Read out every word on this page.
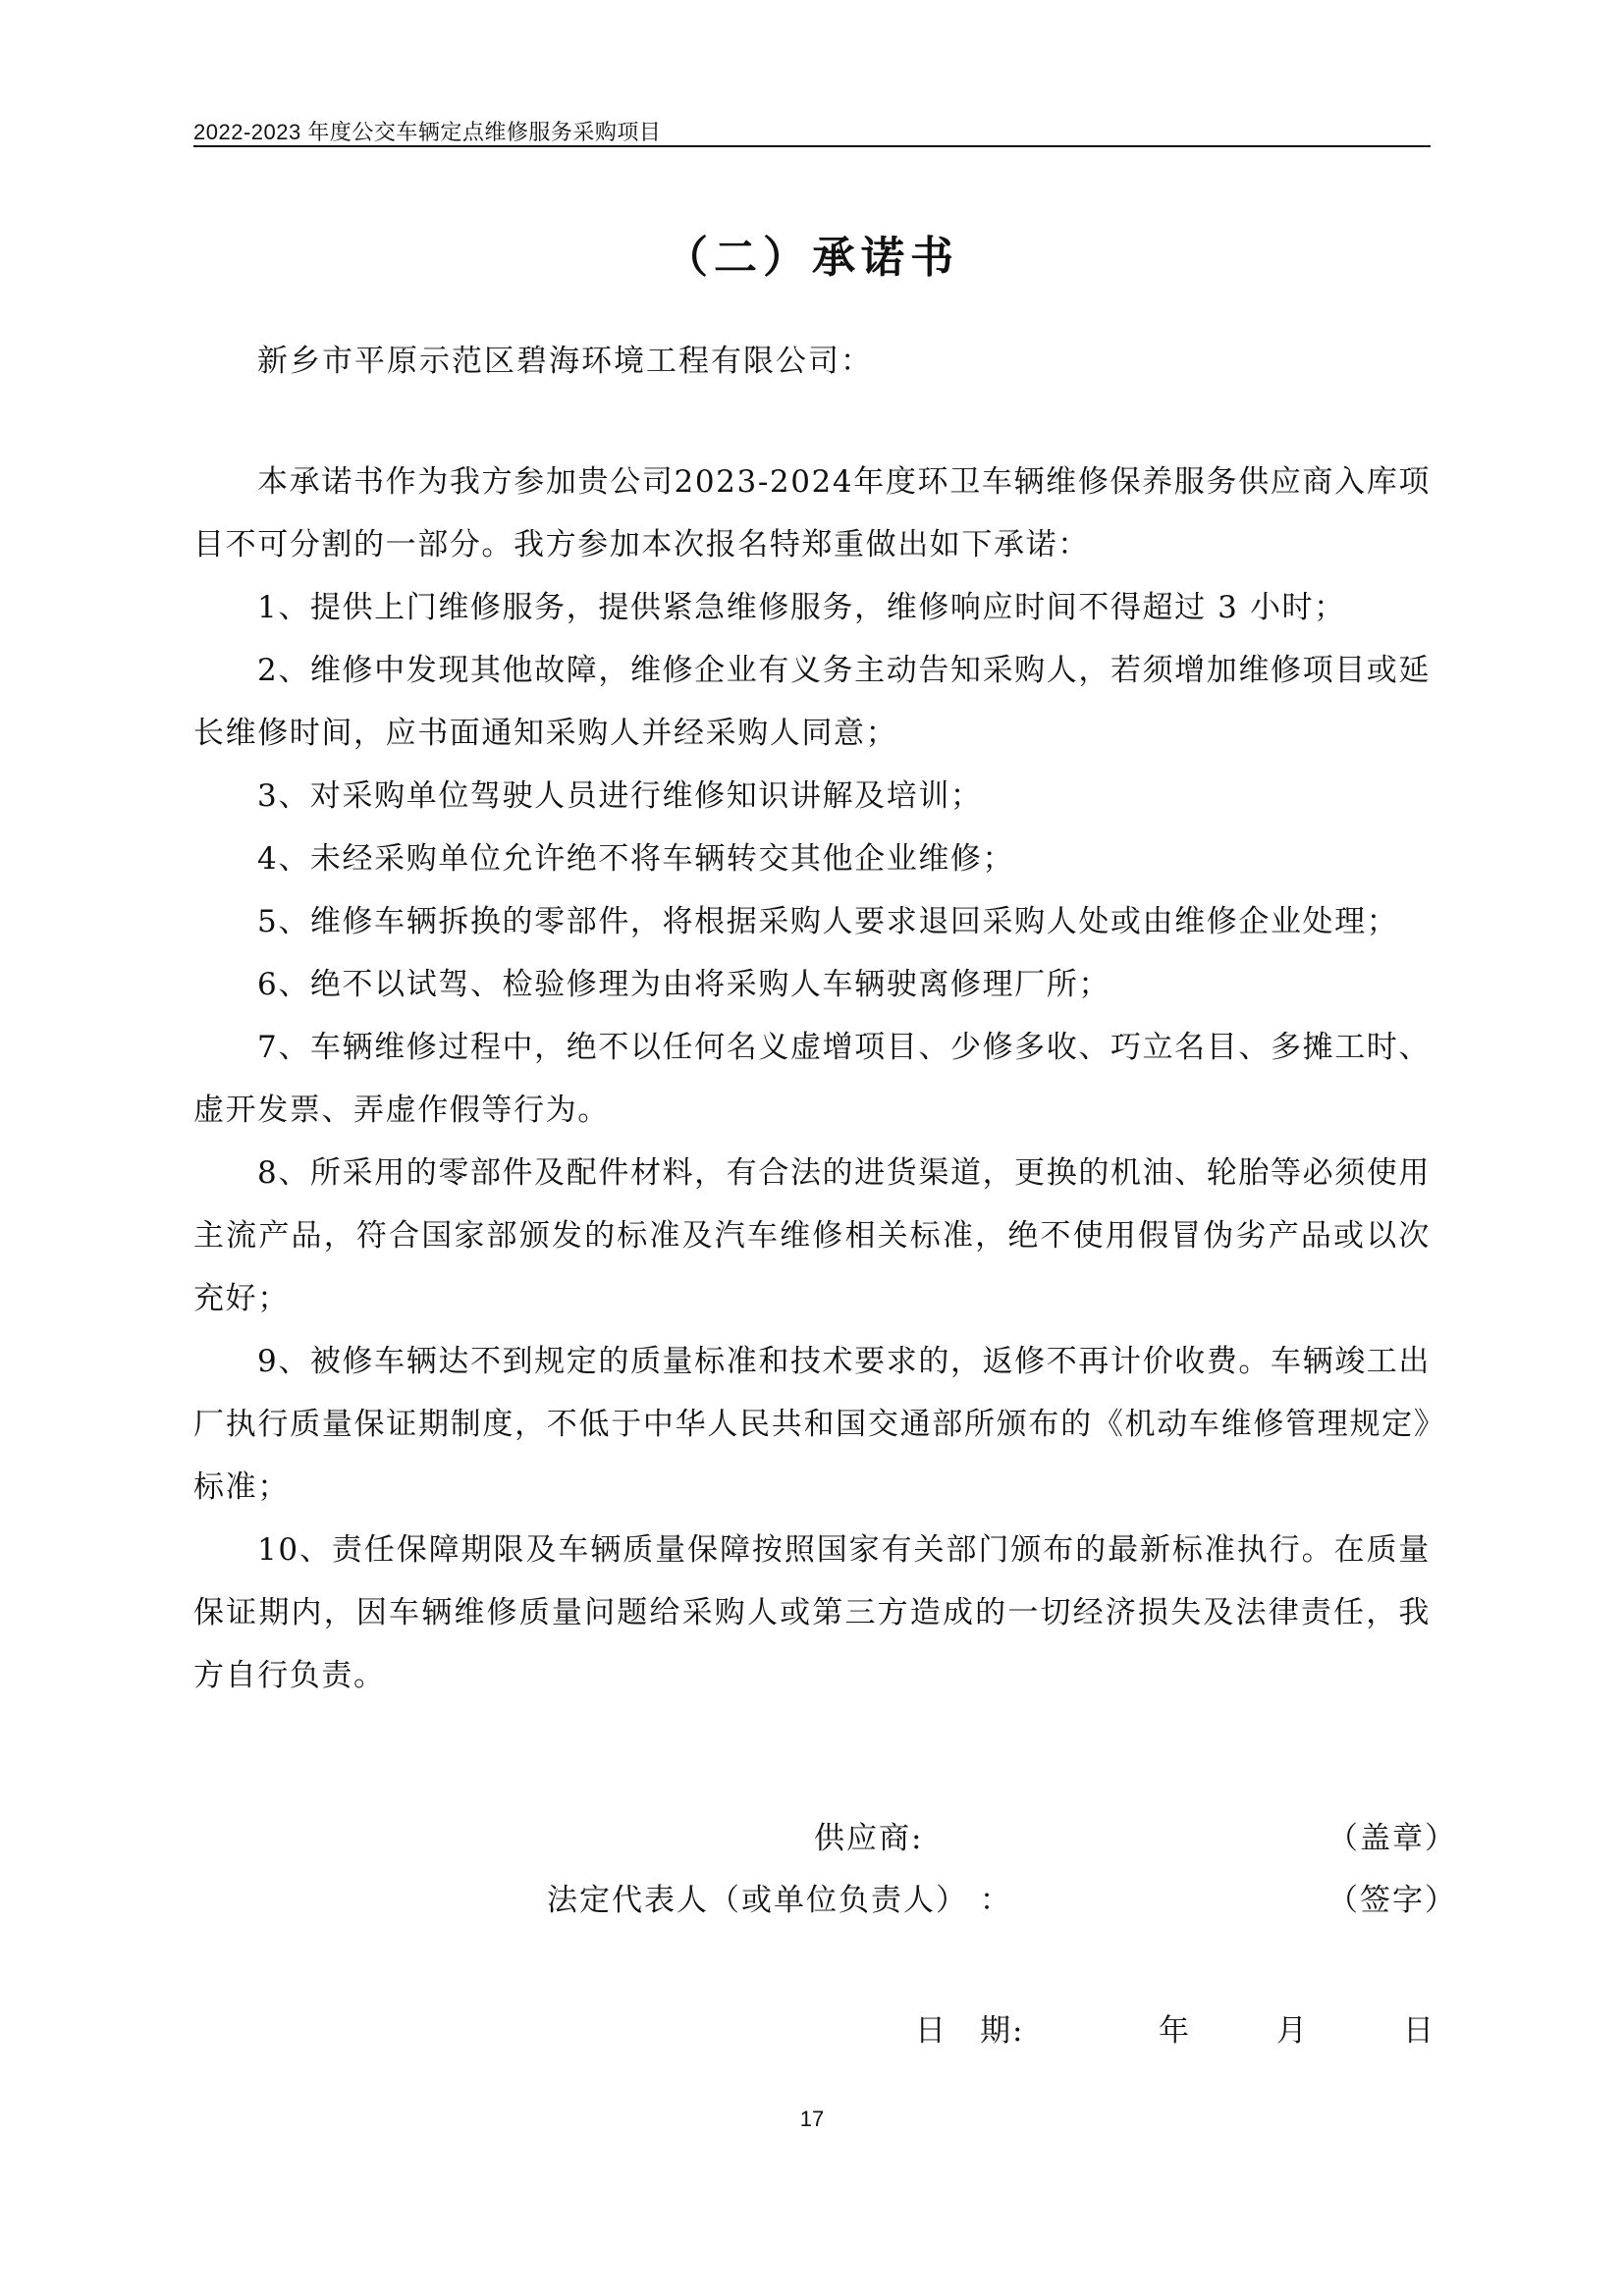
2022-2023 年度公交车辆定点维修服务采购项目
（二）承诺书
新乡市平原示范区碧海环境工程有限公司：
本承诺书作为我方参加贵公司2023-2024年度环卫车辆维修保养服务供应商入库项目不可分割的一部分。我方参加本次报名特郑重做出如下承诺：
1、提供上门维修服务，提供紧急维修服务，维修响应时间不得超过 3 小时；
2、维修中发现其他故障，维修企业有义务主动告知采购人，若须增加维修项目或延长维修时间，应书面通知采购人并经采购人同意；
3、对采购单位驾驶人员进行维修知识讲解及培训；
4、未经采购单位允许绝不将车辆转交其他企业维修；
5、维修车辆拆换的零部件，将根据采购人要求退回采购人处或由维修企业处理；
6、绝不以试驾、检验修理为由将采购人车辆驶离修理厂所；
7、车辆维修过程中，绝不以任何名义虚增项目、少修多收、巧立名目、多摊工时、虚开发票、弄虚作假等行为。
8、所采用的零部件及配件材料，有合法的进货渠道，更换的机油、轮胎等必须使用主流产品，符合国家部颁发的标准及汽车维修相关标准，绝不使用假冒伪劣产品或以次充好；
9、被修车辆达不到规定的质量标准和技术要求的，返修不再计价收费。车辆竣工出厂执行质量保证期制度，不低于中华人民共和国交通部所颁布的《机动车维修管理规定》标准；
10、责任保障期限及车辆质量保障按照国家有关部门颁布的最新标准执行。在质量保证期内，因车辆维修质量问题给采购人或第三方造成的一切经济损失及法律责任，我方自行负责。
供应商:	（盖章）
法定代表人（或单位负责人） ：	（签字）
日　期:	年	月	日
17
